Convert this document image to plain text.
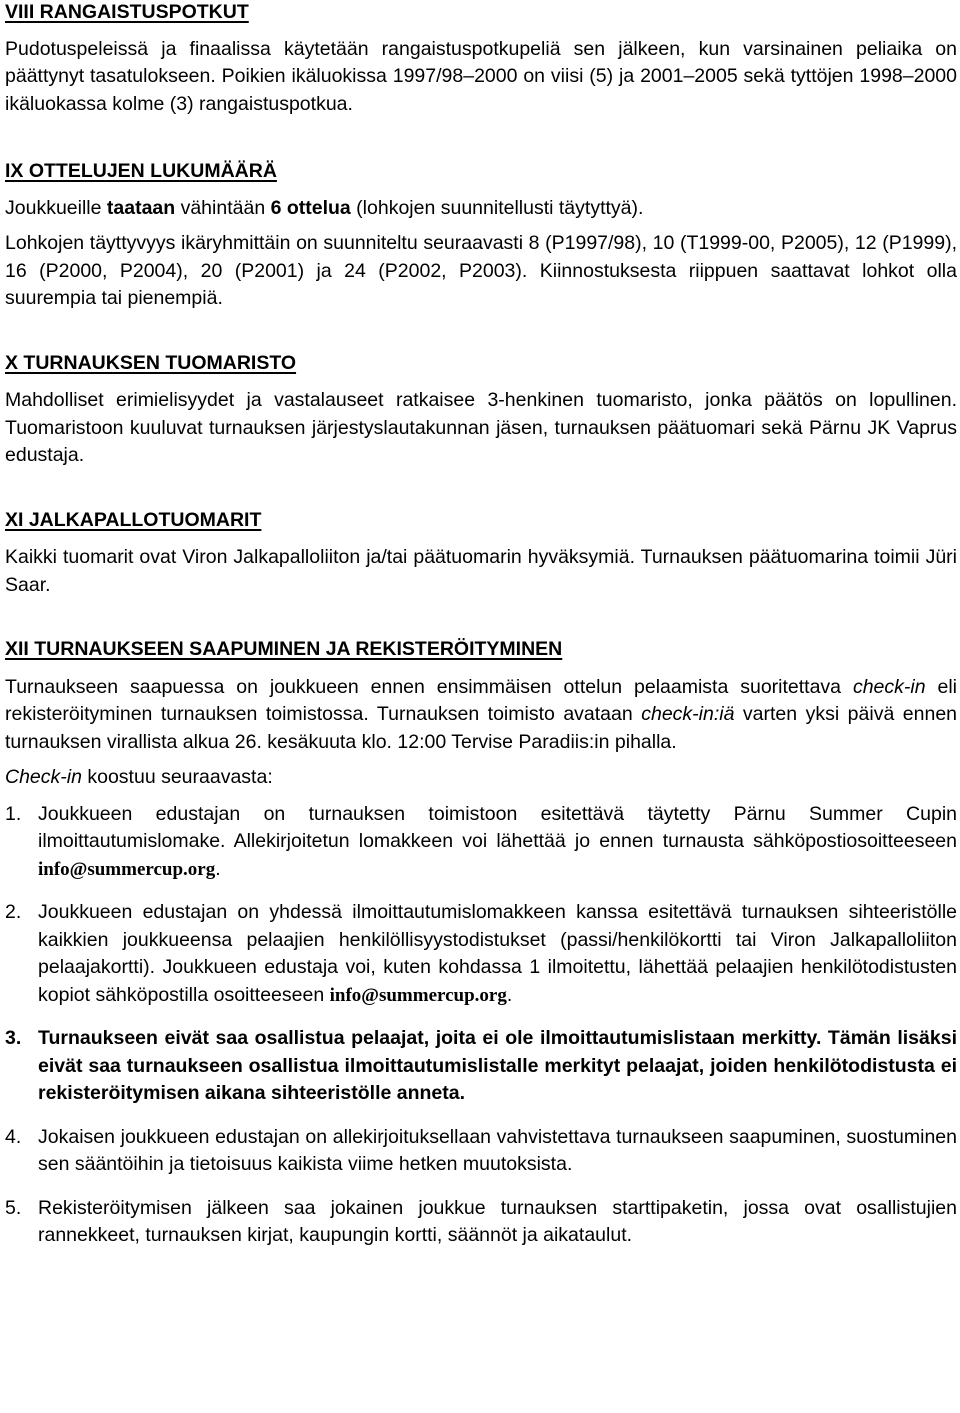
VIII RANGAISTUSPOTKUT

Pudotuspeleissä ja finaalissa käytetään rangaistuspotkupeliä sen jälkeen, kun varsinainen peliaika on päättynyt tasatulokseen. Poikien ikäluokissa 1997/98–2000 on viisi (5) ja 2001–2005 sekä tyttöjen 1998–2000 ikäluokassa kolme (3) rangaistuspotkua.

IX OTTELUJEN LUKUMÄÄRÄ

Joukkueille taataan vähintään 6 ottelua (lohkojen suunnitellusti täytyttyä).

Lohkojen täyttyvyys ikäryhmittäin on suunniteltu seuraavasti 8 (P1997/98), 10 (T1999-00, P2005), 12 (P1999), 16 (P2000, P2004), 20 (P2001) ja 24 (P2002, P2003). Kiinnostuksesta riippuen saattavat lohkot olla suurempia tai pienempiä.

X TURNAUKSEN TUOMARISTO

Mahdolliset erimielisyydet ja vastalauseet ratkaisee 3-henkinen tuomaristo, jonka päätös on lopullinen. Tuomaristoon kuuluvat turnauksen järjestyslautakunnan jäsen, turnauksen päätuomari sekä Pärnu JK Vaprus edustaja.

XI JALKAPALLOTUOMARIT

Kaikki tuomarit ovat Viron Jalkapalloliiton ja/tai päätuomarin hyväksymiä. Turnauksen päätuomarina toimii Jüri Saar.

XII TURNAUKSEEN SAAPUMINEN JA REKISTERÖITYMINEN

Turnaukseen saapuessa on joukkueen ennen ensimmäisen ottelun pelaamista suoritettava check-in eli rekisteröityminen turnauksen toimistossa. Turnauksen toimisto avataan check-in:iä varten yksi päivä ennen turnauksen virallista alkua 26. kesäkuuta klo. 12:00 Tervise Paradiis:in pihalla.

Check-in koostuu seuraavasta:

1. Joukkueen edustajan on turnauksen toimistoon esitettävä täytetty Pärnu Summer Cupin ilmoittautumislomake. Allekirjoitetun lomakkeen voi lähettää jo ennen turnausta sähköpostiosoitteeseen info@summercup.org.
2. Joukkueen edustajan on yhdessä ilmoittautumislomakkeen kanssa esitettävä turnauksen sihteeristölle kaikkien joukkueensa pelaajien henkilöllisyystodistukset (passi/henkilökortti tai Viron Jalkapalloliiton pelaajakortti). Joukkueen edustaja voi, kuten kohdassa 1 ilmoitettu, lähettää pelaajien henkilötodistusten kopiot sähköpostilla osoitteeseen info@summercup.org.
3. Turnaukseen eivät saa osallistua pelaajat, joita ei ole ilmoittautumislistaan merkitty. Tämän lisäksi eivät saa turnaukseen osallistua ilmoittautumislistalle merkityt pelaajat, joiden henkilötodistusta ei rekisteröitymisen aikana sihteeristölle anneta.
4. Jokaisen joukkueen edustajan on allekirjoituksellaan vahvistettava turnaukseen saapuminen, suostuminen sen sääntöihin ja tietoisuus kaikista viime hetken muutoksista.
5. Rekisteröitymisen jälkeen saa jokainen joukkue turnauksen starttipaketin, jossa ovat osallistujien rannekkeet, turnauksen kirjat, kaupungin kortti, säännöt ja aikataulut.
